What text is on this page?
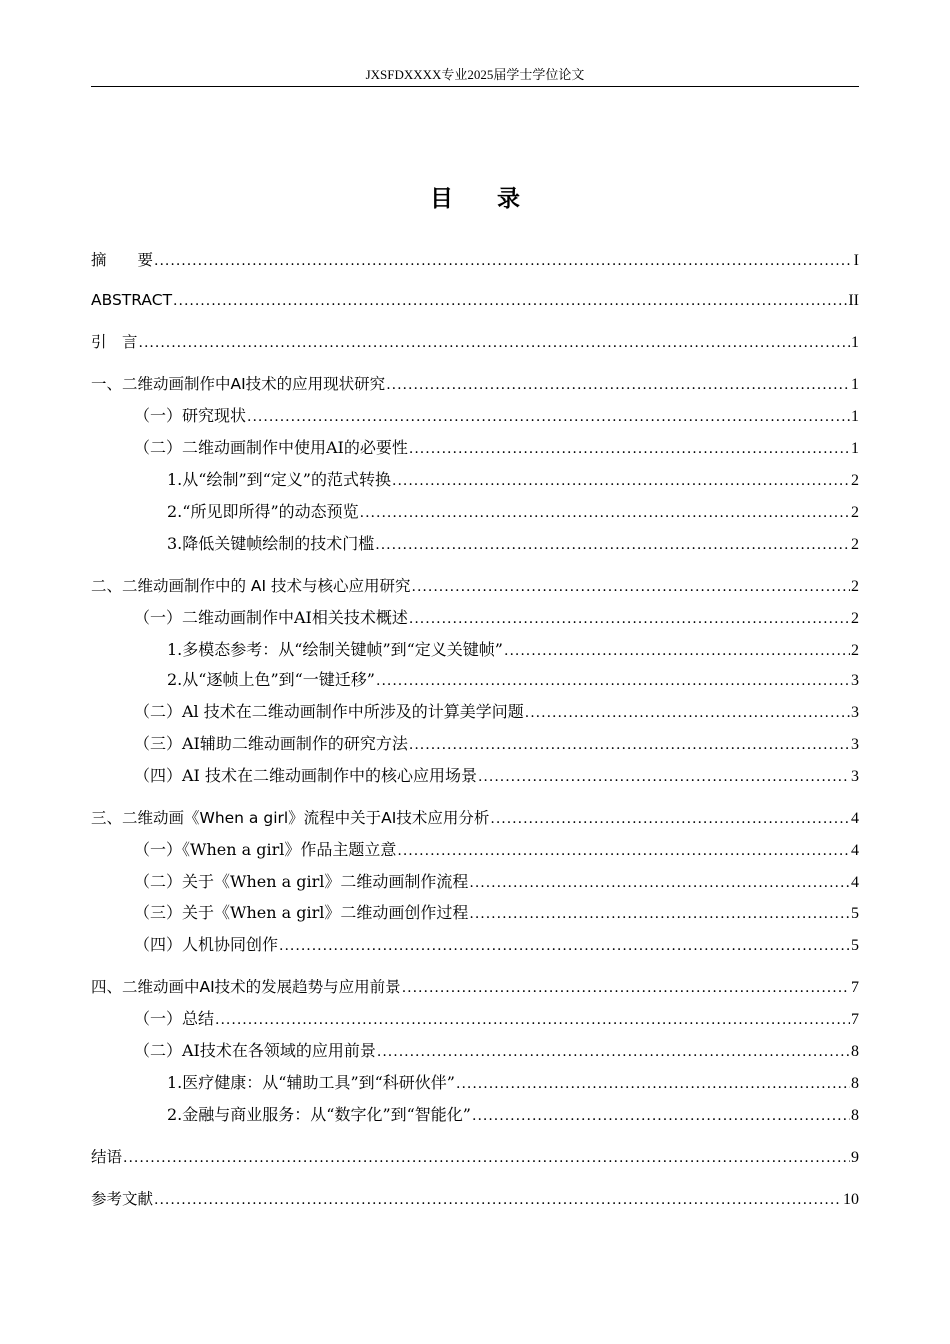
JXSFDXXXX专业2025届学士学位论文
目录
摘　　要 .....	I
ABSTRACT .....	II
引　言 .....	1
一、二维动画制作中AI技术的应用现状研究 .....	1
（一）研究现状 .....	1
（二）二维动画制作中使用AI的必要性 .....	1
1.从“绘制”到“定义”的范式转换 .....	2
2.“所见即所得”的动态预览 .....	2
3.降低关键帧绘制的技术门槛 .....	2
二、二维动画制作中的 AI 技术与核心应用研究 .....	2
（一）二维动画制作中AI相关技术概述 .....	2
1.多模态参考：从“绘制关键帧”到“定义关键帧” .....	2
2.从“逐帧上色”到“一键迁移” .....	3
（二）Al 技术在二维动画制作中所涉及的计算美学问题 .....	3
（三）AI辅助二维动画制作的研究方法 .....	3
（四）AI 技术在二维动画制作中的核心应用场景 .....	3
三、二维动画《When a girl》流程中关于AI技术应用分析 .....	4
（一）《When a girl》作品主题立意 .....	4
（二）关于《When a girl》二维动画制作流程 .....	4
（三）关于《When a girl》二维动画创作过程 .....	5
（四）人机协同创作 .....	5
四、二维动画中AI技术的发展趋势与应用前景 .....	7
（一）总结 .....	7
（二）AI技术在各领域的应用前景 .....	8
1.医疗健康：从“辅助工具”到“科研伙伴” .....	8
2.金融与商业服务：从“数字化”到“智能化” .....	8
结语 .....	9
参考文献 .....	10
